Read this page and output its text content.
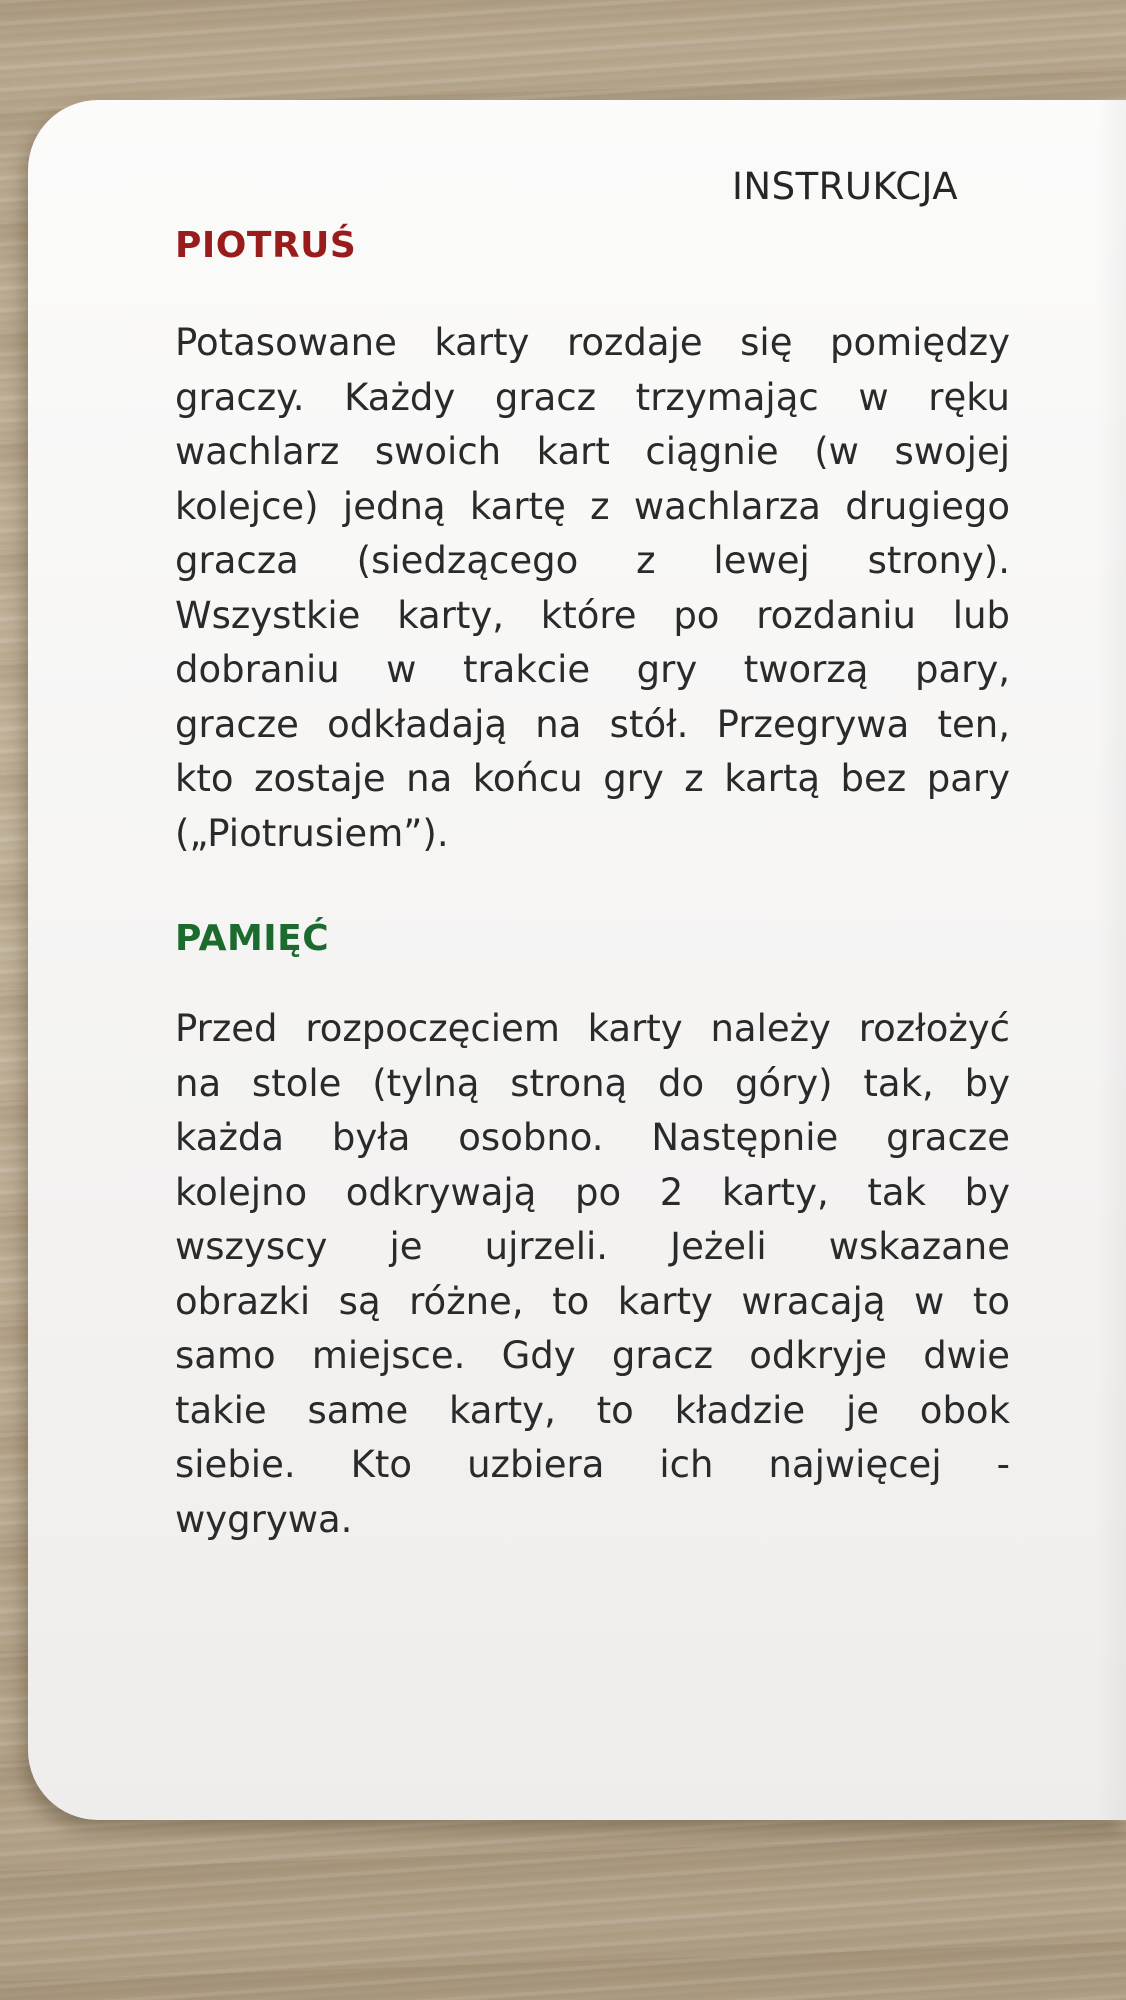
INSTRUKCJA
PIOTRUŚ
Potasowane karty rozdaje się pomiędzy
graczy. Każdy gracz trzymając w ręku
wachlarz swoich kart ciągnie (w swojej
kolejce) jedną kartę z wachlarza drugiego
gracza (siedzącego z lewej strony).
Wszystkie karty, które po rozdaniu lub
dobraniu w trakcie gry tworzą pary,
gracze odkładają na stół. Przegrywa ten,
kto zostaje na końcu gry z kartą bez pary
(„Piotrusiem”).
PAMIĘĆ
Przed rozpoczęciem karty należy rozłożyć
na stole (tylną stroną do góry) tak, by
każda była osobno. Następnie gracze
kolejno odkrywają po 2 karty, tak by
wszyscy je ujrzeli. Jeżeli wskazane
obrazki są różne, to karty wracają w to
samo miejsce. Gdy gracz odkryje dwie
takie same karty, to kładzie je obok
siebie. Kto uzbiera ich najwięcej -
wygrywa.
